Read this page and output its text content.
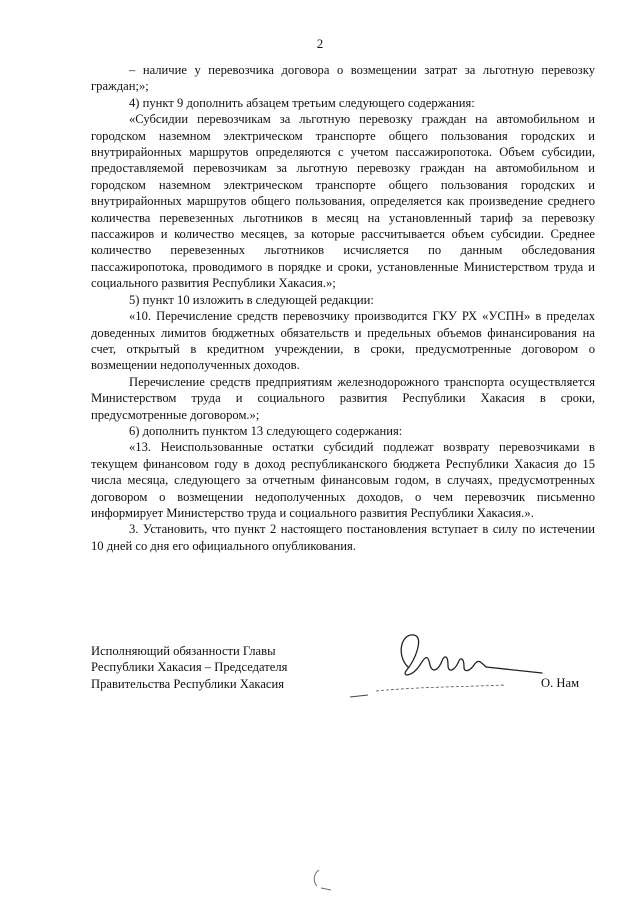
2

– наличие у перевозчика договора о возмещении затрат за льготную перевозку граждан;»;

4) пункт 9 дополнить абзацем третьим следующего содержания:

«Субсидии перевозчикам за льготную перевозку граждан на автомобильном и городском наземном электрическом транспорте общего пользования городских и внутрирайонных маршрутов определяются с учетом пассажиропотока. Объем субсидии, предоставляемой перевозчикам за льготную перевозку граждан на автомобильном и городском наземном электрическом транспорте общего пользования городских и внутрирайонных маршрутов общего пользования, определяется как произведение среднего количества перевезенных льготников в месяц на установленный тариф за перевозку пассажиров и количество месяцев, за которые рассчитывается объем субсидии. Среднее количество перевезенных льготников исчисляется по данным обследования пассажиропотока, проводимого в порядке и сроки, установленные Министерством труда и социального развития Республики Хакасия.»;

5) пункт 10 изложить в следующей редакции:

«10. Перечисление средств перевозчику производится ГКУ РХ «УСПН» в пределах доведенных лимитов бюджетных обязательств и предельных объемов финансирования на счет, открытый в кредитном учреждении, в сроки, предусмотренные договором о возмещении недополученных доходов.

Перечисление средств предприятиям железнодорожного транспорта осуществляется Министерством труда и социального развития Республики Хакасия в сроки, предусмотренные договором.»;

6) дополнить пунктом 13 следующего содержания:

«13. Неиспользованные остатки субсидий подлежат возврату перевозчиками в текущем финансовом году в доход республиканского бюджета Республики Хакасия до 15 числа месяца, следующего за отчетным финансовым годом, в случаях, предусмотренных договором о возмещении недополученных доходов, о чем перевозчик письменно информирует Министерство труда и социального развития Республики Хакасия.».

3. Установить, что пункт 2 настоящего постановления вступает в силу по истечении 10 дней со дня его официального опубликования.

Исполняющий обязанности Главы
Республики Хакасия – Председателя
Правительства Республики Хакасия	О. Нам
